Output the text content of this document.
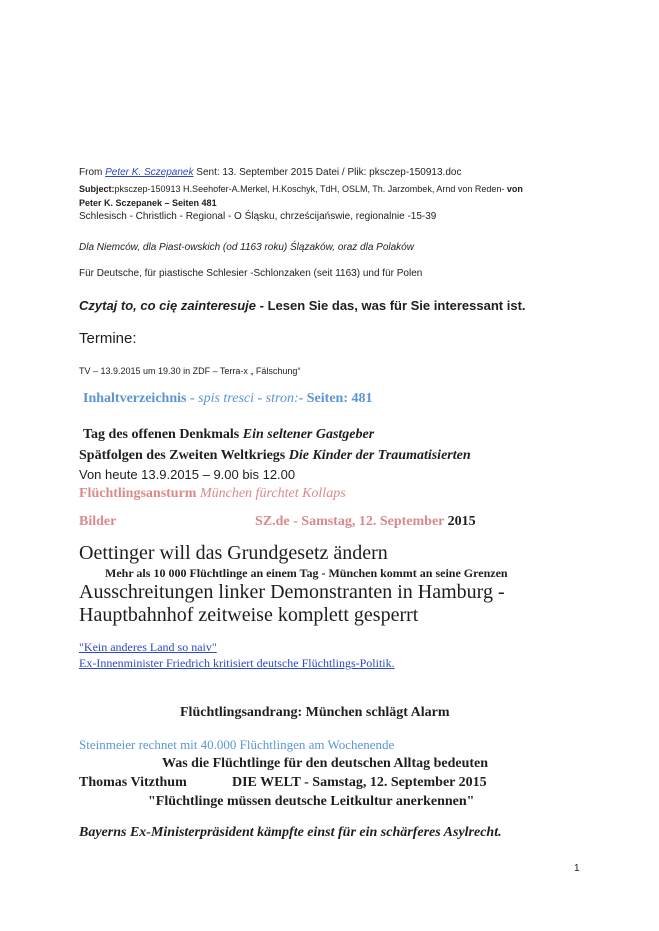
From Peter K. Sczepanek Sent: 13. September 2015 Datei / Plik: pksczep-150913.doc
Subject:pksczep-150913 H.Seehofer-A.Merkel, H.Koschyk, TdH, OSLM, Th. Jarzombek, Arnd von Reden- von
Peter K. Sczepanek – Seiten 481
Schlesisch - Christlich - Regional - O Śląsku, chrześcijańswie, regionalnie -15-39
Dla Niemców, dla Piast-owskich (od 1163 roku) Ślązaków, oraz dla Polaków
Für Deutsche, für piastische Schlesier -Schlonzaken (seit 1163) und für Polen
Czytaj to, co cię zainteresuje - Lesen Sie das, was für Sie interessant ist.
Termine:
TV – 13.9.2015 um 19.30 in ZDF – Terra-x „ Fälschung“
Inhaltverzeichnis - spis tresci - stron:- Seiten: 481
Tag des offenen Denkmals Ein seltener Gastgeber
Spätfolgen des Zweiten Weltkriegs Die Kinder der Traumatisierten
Von heute 13.9.2015 – 9.00 bis 12.00
Flüchtlingsansturm München fürchtet Kollaps
Bilder	SZ.de - Samstag, 12. September 2015
Oettinger will das Grundgesetz ändern
Mehr als 10 000 Flüchtlinge an einem Tag - München kommt an seine Grenzen
Ausschreitungen linker Demonstranten in Hamburg -
Hauptbahnhof zeitweise komplett gesperrt
"Kein anderes Land so naiv"
Ex-Innenminister Friedrich kritisiert deutsche Flüchtlings-Politik.
Flüchtlingsandrang: München schlägt Alarm
Steinmeier rechnet mit 40.000 Flüchtlingen am Wochenende
Was die Flüchtlinge für den deutschen Alltag bedeuten
Thomas Vitzthum	DIE WELT - Samstag, 12. September 2015
"Flüchtlinge müssen deutsche Leitkultur anerkennen"
Bayerns Ex-Ministerpräsident kämpfte einst für ein schärferes Asylrecht.
1
